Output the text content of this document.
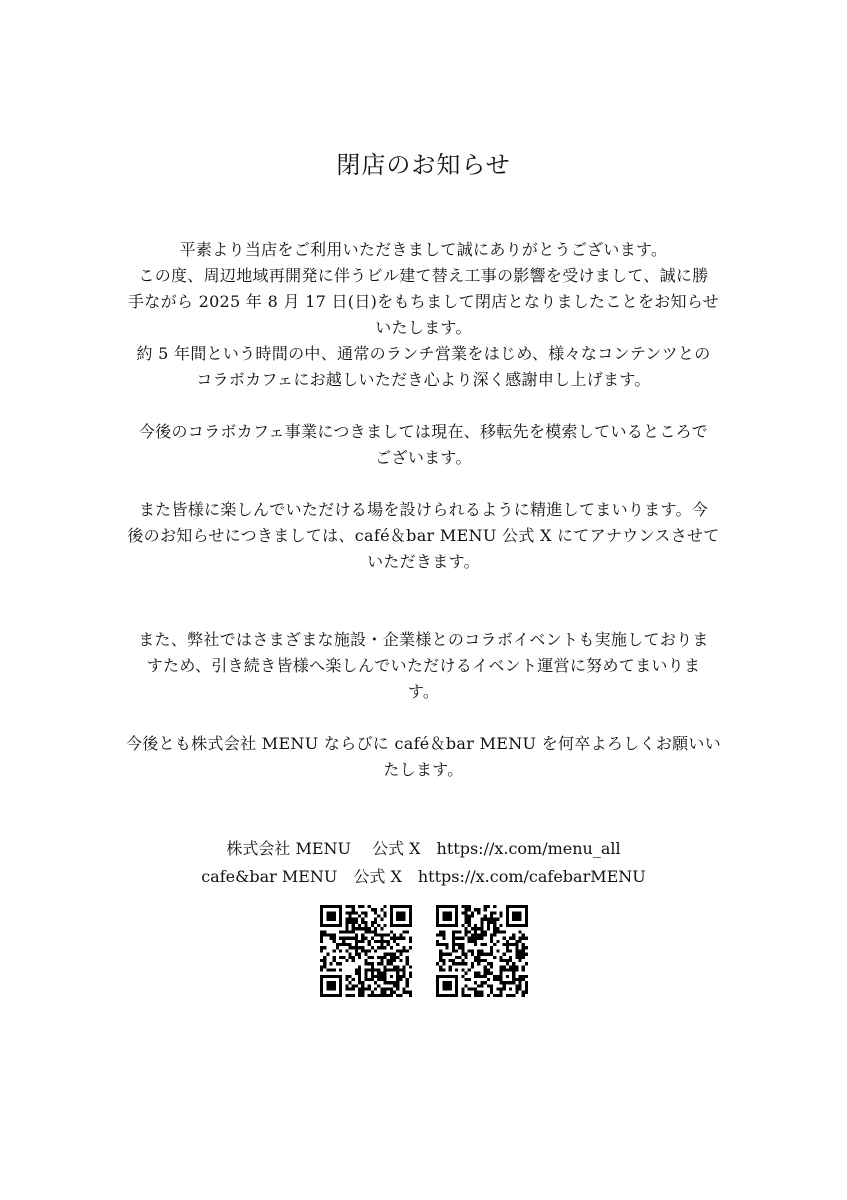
閉店のお知らせ
平素より当店をご利用いただきまして誠にありがとうございます。
この度、周辺地域再開発に伴うビル建て替え工事の影響を受けまして、誠に勝
手ながら 2025 年 8 月 17 日(日)をもちまして閉店となりましたことをお知らせ
いたします。
約 5 年間という時間の中、通常のランチ営業をはじめ、様々なコンテンツとの
コラボカフェにお越しいただき心より深く感謝申し上げます。
今後のコラボカフェ事業につきましては現在、移転先を模索しているところで
ございます。
また皆様に楽しんでいただける場を設けられるように精進してまいります。今
後のお知らせにつきましては、café＆bar MENU 公式 X にてアナウンスさせて
いただきます。
また、弊社ではさまざまな施設・企業様とのコラボイベントも実施しておりま
すため、引き続き皆様へ楽しんでいただけるイベント運営に努めてまいりま
す。
今後とも株式会社 MENU ならびに café＆bar MENU を何卒よろしくお願いい
たします。
株式会社 MENU　 公式 X　https://x.com/menu_all
cafe&bar MENU　公式 X　https://x.com/cafebarMENU
